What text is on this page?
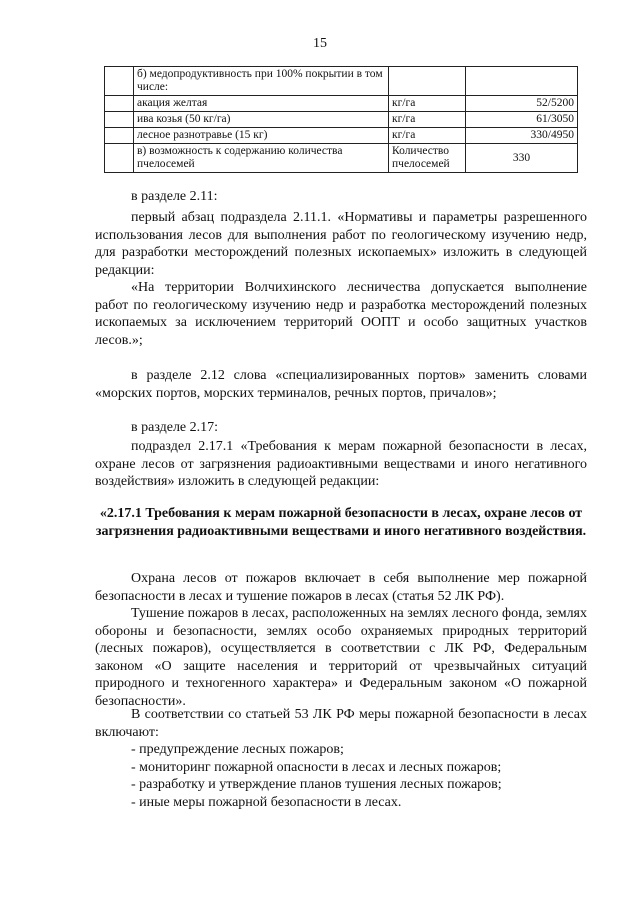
15
	б) медопродуктивность при 100% покрытии в том числе:		
	акация желтая	кг/га	52/5200
	ива козья (50 кг/га)	кг/га	61/3050
	лесное разнотравье (15 кг)	кг/га	330/4950
	в) возможность к содержанию количества пчелосемей	Количество пчелосемей	330

в разделе 2.11:

первый абзац подраздела 2.11.1. «Нормативы и параметры разрешенного использования лесов для выполнения работ по геологическому изучению недр, для разработки месторождений полезных ископаемых» изложить в следующей редакции:

«На территории Волчихинского лесничества допускается выполнение работ по геологическому изучению недр и разработка месторождений полезных ископаемых за исключением территорий ООПТ и особо защитных участков лесов.»;

в разделе 2.12 слова «специализированных портов» заменить словами «морских портов, морских терминалов, речных портов, причалов»;

в разделе 2.17:

подраздел 2.17.1 «Требования к мерам пожарной безопасности в лесах, охране лесов от загрязнения радиоактивными веществами и иного негативного воздействия» изложить в следующей редакции:

«2.17.1 Требования к мерам пожарной безопасности в лесах, охране лесов от загрязнения радиоактивными веществами и иного негативного воздействия.

Охрана лесов от пожаров включает в себя выполнение мер пожарной безопасности в лесах и тушение пожаров в лесах (статья 52 ЛК РФ).

Тушение пожаров в лесах, расположенных на землях лесного фонда, землях обороны и безопасности, землях особо охраняемых природных территорий (лесных пожаров), осуществляется в соответствии с ЛК РФ, Федеральным законом «О защите населения и территорий от чрезвычайных ситуаций природного и техногенного характера» и Федеральным законом «О пожарной безопасности».

В соответствии со статьей 53 ЛК РФ меры пожарной безопасности в лесах включают:

- предупреждение лесных пожаров;

- мониторинг пожарной опасности в лесах и лесных пожаров;

- разработку и утверждение планов тушения лесных пожаров;

- иные меры пожарной безопасности в лесах.
